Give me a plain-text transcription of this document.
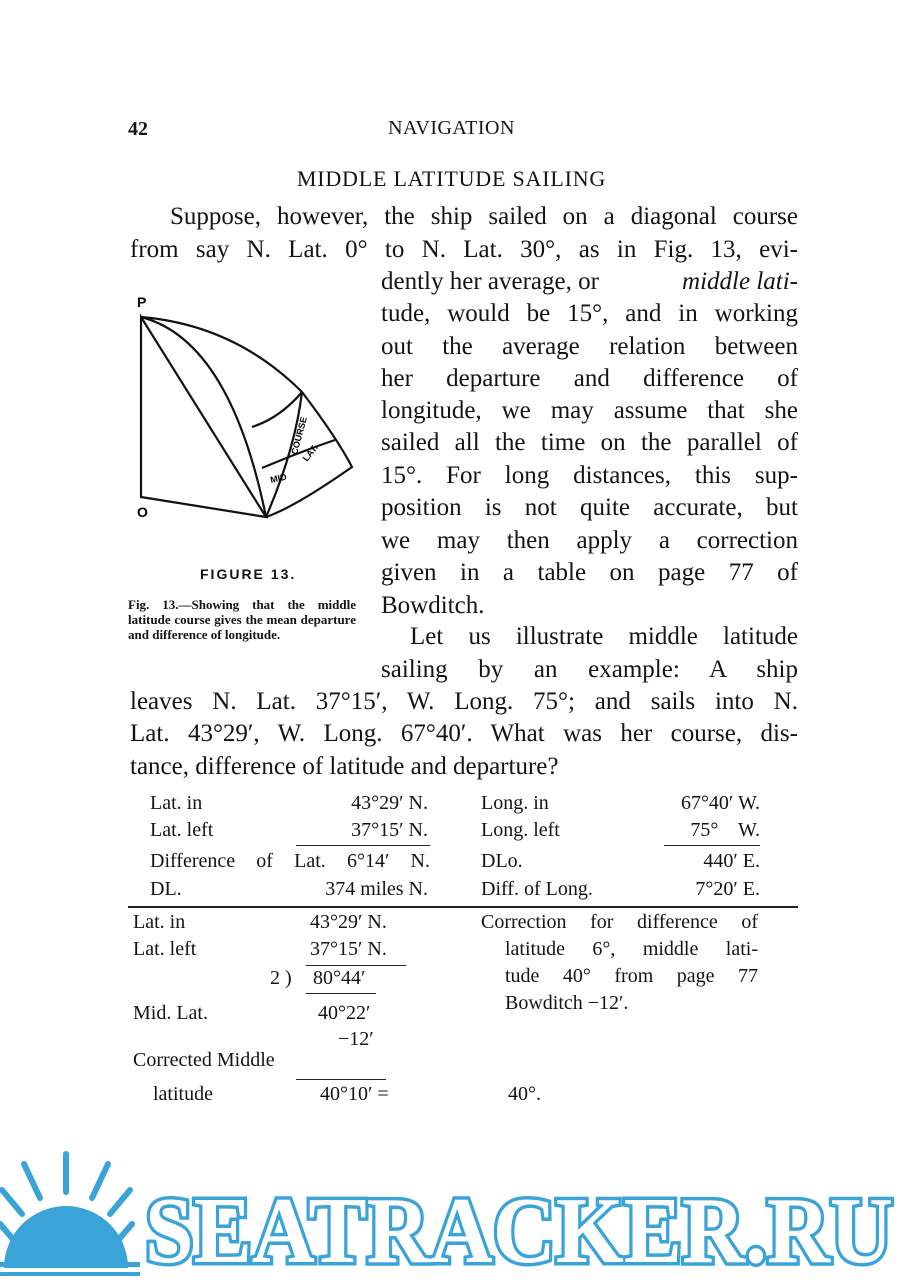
42	NAVIGATION
MIDDLE LATITUDE SAILING
Suppose, however, the ship sailed on a diagonal course
from say N. Lat. 0° to N. Lat. 30°, as in Fig. 13, evi-
dently her average, or	middle lati-
tude, would be 15°, and in working
out the average relation between
her departure and difference of
longitude, we may assume that she
sailed all the time on the parallel of
15°. For long distances, this sup-
position is not quite accurate, but
we may then apply a correction
given in a table on page 77 of
Bowditch.
Let us illustrate middle latitude
sailing by an example: A ship
leaves N. Lat. 37°15′, W. Long. 75°; and sails into N.
Lat. 43°29′, W. Long. 67°40′. What was her course, dis-
tance, difference of latitude and departure?
P
O
COURSE
MID
LAT.
FIGURE 13.
Fig. 13.—Showing that the middle latitude course gives the mean departure and difference of longitude.
Lat. in	43°29′ N.	Long. in	67°40′ W.
Lat. left	37°15′ N.	Long. left	75°    W.
Difference of Lat. 6°14′ N.	DLo.	440′ E.
DL.	374 miles N.	Diff. of Long.	7°20′ E.
Lat. in	43°29′ N.
Lat. left	37°15′ N.
2 ) 80°44′
Mid. Lat.	40°22′
−12′
Corrected Middle
latitude	40°10′ =	40°.
Correction for difference of
latitude 6°, middle lati-
tude 40° from page 77
Bowditch −12′.
SEATRACKER.RU
